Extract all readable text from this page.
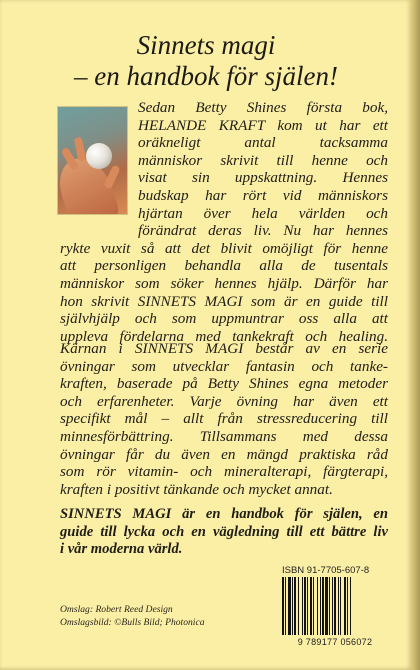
Sinnets magi
– en handbok för själen!
Sedan Betty Shines första bok,
HELANDE KRAFT kom ut har ett
oräkneligt antal tacksamma
människor skrivit till henne och
visat sin uppskattning. Hennes
budskap har rört vid människors
hjärtan över hela världen och
förändrat deras liv. Nu har hennes
rykte vuxit så att det blivit omöjligt för henne
att personligen behandla alla de tusentals
människor som söker hennes hjälp. Därför har
hon skrivit SINNETS MAGI som är en guide till
självhjälp och som uppmuntrar oss alla att
uppleva fördelarna med tankekraft och healing.
Kärnan i SINNETS MAGI består av en serie
övningar som utvecklar fantasin och tanke-
kraften, baserade på Betty Shines egna metoder
och erfarenheter. Varje övning har även ett
specifikt mål – allt från stressreducering till
minnesförbättring. Tillsammans med dessa
övningar får du även en mängd praktiska råd
som rör vitamin- och mineralterapi, färgterapi,
kraften i positivt tänkande och mycket annat.
SINNETS MAGI är en handbok för själen, en
guide till lycka och en vägledning till ett bättre liv
i vår moderna värld.
Omslag: Robert Reed Design
Omslagsbild: ©Bulls Bild; Photonica
ISBN 91-7705-607-8
9 789177 056072
